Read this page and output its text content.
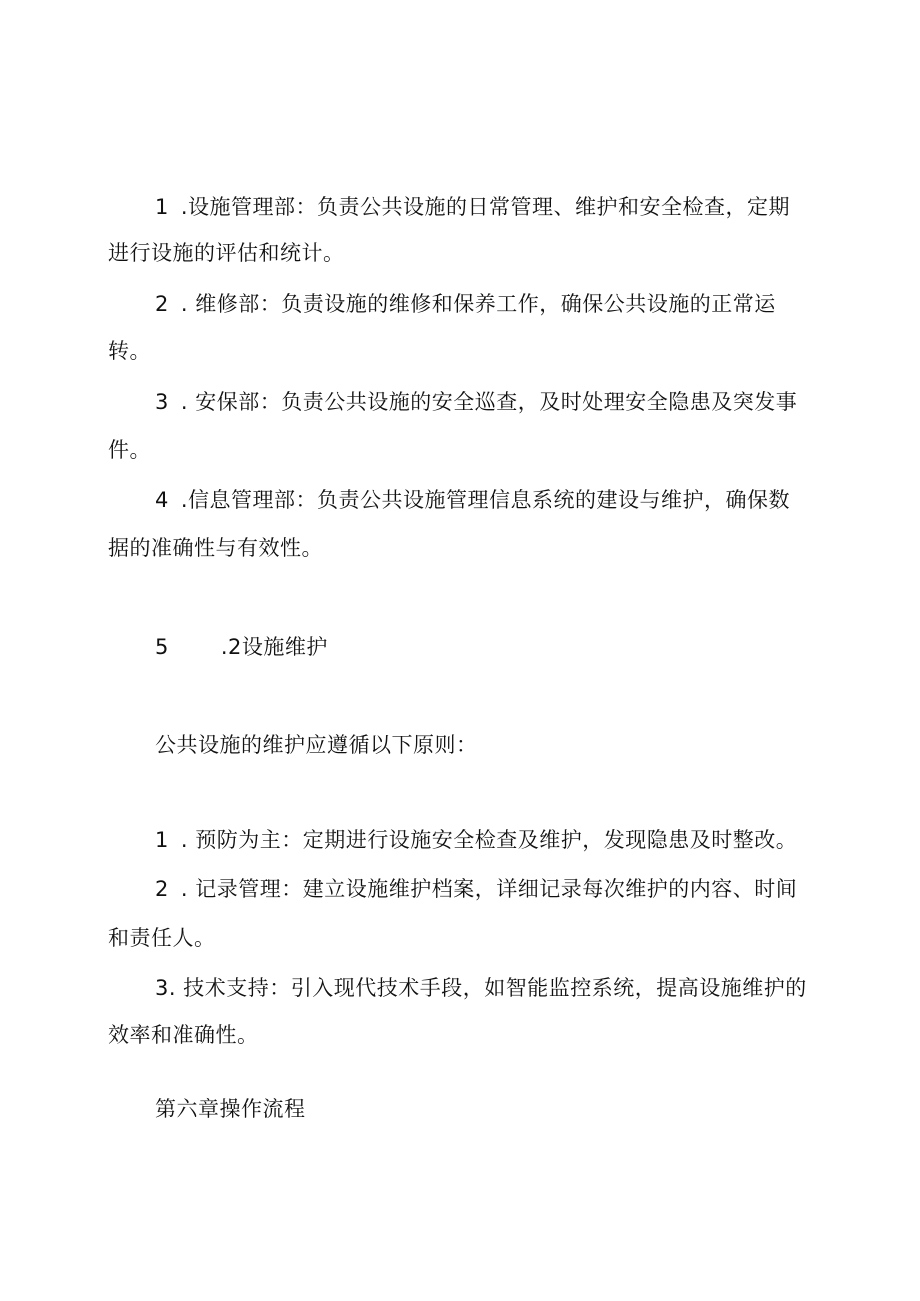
1 .设施管理部：负责公共设施的日常管理、维护和安全检查，定期
进行设施的评估和统计。
2 . 维修部：负责设施的维修和保养工作，确保公共设施的正常运
转。
3 . 安保部：负责公共设施的安全巡查，及时处理安全隐患及突发事
件。
4 .信息管理部：负责公共设施管理信息系统的建设与维护，确保数
据的准确性与有效性。
5 .2设施维护
公共设施的维护应遵循以下原则：
1 . 预防为主：定期进行设施安全检查及维护，发现隐患及时整改。
2 . 记录管理：建立设施维护档案，详细记录每次维护的内容、时间
和责任人。
3. 技术支持：引入现代技术手段，如智能监控系统，提高设施维护的
效率和准确性。
第六章操作流程
